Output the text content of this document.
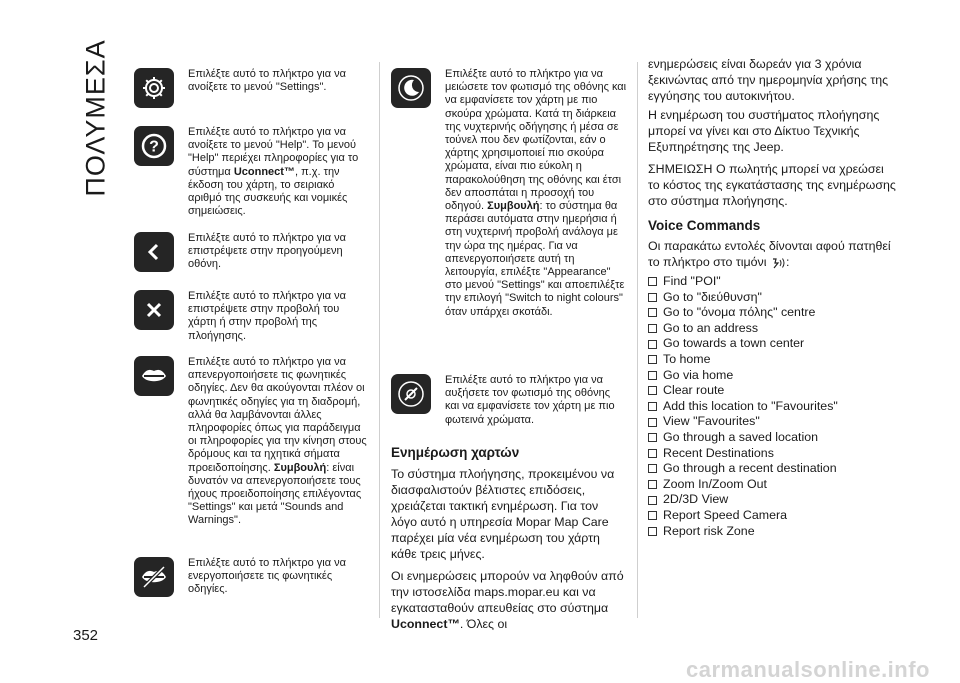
ΠΟΛΥΜΕΣΑ
352
carmanualsonline.info
Επιλέξτε αυτό το πλήκτρο για να ανοίξετε το μενού "Settings".
?
Επιλέξτε αυτό το πλήκτρο για να ανοίξετε το μενού "Help". Το μενού "Help" περιέχει πληροφορίες για το σύστημα Uconnect™, π.χ. την έκδοση του χάρτη, το σειριακό αριθμό της συσκευής και νομικές σημειώσεις.
Επιλέξτε αυτό το πλήκτρο για να επιστρέψετε στην προηγούμενη οθόνη.
Επιλέξτε αυτό το πλήκτρο για να επιστρέψετε στην προβολή του χάρτη ή στην προβολή της πλοήγησης.
Επιλέξτε αυτό το πλήκτρο για να απενεργοποιήσετε τις φωνητικές οδηγίες. Δεν θα ακούγονται πλέον οι φωνητικές οδηγίες για τη διαδρομή, αλλά θα λαμβάνονται άλλες πληροφορίες όπως για παράδειγμα οι πληροφορίες για την κίνηση στους δρόμους και τα ηχητικά σήματα προειδοποίησης. Συμβουλή: είναι δυνατόν να απενεργοποιήσετε τους ήχους προειδοποίησης επιλέγοντας "Settings" και μετά "Sounds and Warnings".
Επιλέξτε αυτό το πλήκτρο για να ενεργοποιήσετε τις φωνητικές οδηγίες.
Επιλέξτε αυτό το πλήκτρο για να μειώσετε τον φωτισμό της οθόνης και να εμφανίσετε τον χάρτη με πιο σκούρα χρώματα. Κατά τη διάρκεια της νυχτερινής οδήγησης ή μέσα σε τούνελ που δεν φωτίζονται, εάν ο χάρτης χρησιμοποιεί πιο σκούρα χρώματα, είναι πιο εύκολη η παρακολούθηση της οθόνης και έτσι δεν αποσπάται η προσοχή του οδηγού. Συμβουλή: το σύστημα θα περάσει αυτόματα στην ημερήσια ή στη νυχτερινή προβολή ανάλογα με την ώρα της ημέρας. Για να απενεργοποιήσετε αυτή τη λειτουργία, επιλέξτε "Appearance" στο μενού "Settings" και αποεπιλέξτε την επιλογή "Switch to night colours" όταν υπάρχει σκοτάδι.
Επιλέξτε αυτό το πλήκτρο για να αυξήσετε τον φωτισμό της οθόνης και να εμφανίσετε τον χάρτη με πιο φωτεινά χρώματα.
Ενημέρωση χαρτών

Το σύστημα πλοήγησης, προκειμένου να διασφαλιστούν βέλτιστες επιδόσεις, χρειάζεται τακτική ενημέρωση. Για τον λόγο αυτό η υπηρεσία Mopar Map Care παρέχει μία νέα ενημέρωση του χάρτη κάθε τρεις μήνες.

Οι ενημερώσεις μπορούν να ληφθούν από την ιστοσελίδα maps.mopar.eu και να εγκατασταθούν απευθείας στο σύστημα Uconnect™. Όλες οι

ενημερώσεις είναι δωρεάν για 3 χρόνια ξεκινώντας από την ημερομηνία χρήσης της εγγύησης του αυτοκινήτου.

Η ενημέρωση του συστήματος πλοήγησης μπορεί να γίνει και στο Δίκτυο Τεχνικής Εξυπηρέτησης της Jeep.

ΣΗΜΕΙΩΣΗ Ο πωλητής μπορεί να χρεώσει το κόστος της εγκατάστασης της ενημέρωσης στο σύστημα πλοήγησης.

Voice Commands

Οι παρακάτω εντολές δίνονται αφού πατηθεί το πλήκτρο στο τιμόνι :

Find "POI"
Go to "διεύθυνση"
Go to "όνομα πόλης" centre
Go to an address
Go towards a town center
To home
Go via home
Clear route
Add this location to "Favourites"
View "Favourites"
Go through a saved location
Recent Destinations
Go through a recent destination
Zoom In/Zoom Out
2D/3D View
Report Speed Camera
Report risk Zone
